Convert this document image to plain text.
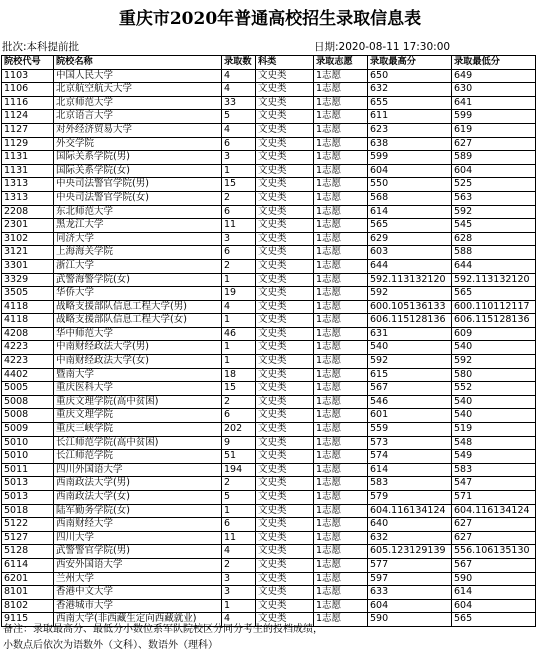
重庆市2020年普通高校招生录取信息表
批次:本科提前批	日期:2020-08-11 17:30:00
院校代号	院校名称	录取数	科类	录取志愿	录取最高分	录取最低分
1103	中国人民大学	4	文史类	1志愿	650	649
1106	北京航空航天大学	4	文史类	1志愿	632	630
1116	北京师范大学	33	文史类	1志愿	655	641
1124	北京语言大学	5	文史类	1志愿	611	599
1127	对外经济贸易大学	4	文史类	1志愿	623	619
1129	外交学院	6	文史类	1志愿	638	627
1131	国际关系学院(男)	3	文史类	1志愿	599	589
1131	国际关系学院(女)	1	文史类	1志愿	604	604
1313	中央司法警官学院(男)	15	文史类	1志愿	550	525
1313	中央司法警官学院(女)	2	文史类	1志愿	568	563
2208	东北师范大学	6	文史类	1志愿	614	592
2301	黑龙江大学	11	文史类	1志愿	565	545
3102	同济大学	3	文史类	1志愿	629	628
3121	上海海关学院	6	文史类	1志愿	603	588
3301	浙江大学	2	文史类	1志愿	644	644
3329	武警海警学院(女)	1	文史类	1志愿	592.113132120	592.113132120
3505	华侨大学	19	文史类	1志愿	592	565
4118	战略支援部队信息工程大学(男)	4	文史类	1志愿	600.105136133	600.110112117
4118	战略支援部队信息工程大学(女)	1	文史类	1志愿	606.115128136	606.115128136
4208	华中师范大学	46	文史类	1志愿	631	609
4223	中南财经政法大学(男)	1	文史类	1志愿	540	540
4223	中南财经政法大学(女)	1	文史类	1志愿	592	592
4402	暨南大学	18	文史类	1志愿	615	580
5005	重庆医科大学	15	文史类	1志愿	567	552
5008	重庆文理学院(高中贫困)	2	文史类	1志愿	546	540
5008	重庆文理学院	6	文史类	1志愿	601	540
5009	重庆三峡学院	202	文史类	1志愿	559	519
5010	长江师范学院(高中贫困)	9	文史类	1志愿	573	548
5010	长江师范学院	51	文史类	1志愿	574	549
5011	四川外国语大学	194	文史类	1志愿	614	583
5013	西南政法大学(男)	2	文史类	1志愿	583	547
5013	西南政法大学(女)	5	文史类	1志愿	579	571
5018	陆军勤务学院(女)	1	文史类	1志愿	604.116134124	604.116134124
5122	西南财经大学	6	文史类	1志愿	640	627
5127	四川大学	11	文史类	1志愿	632	627
5128	武警警官学院(男)	4	文史类	1志愿	605.123129139	556.106135130
6114	西安外国语大学	2	文史类	1志愿	577	567
6201	兰州大学	3	文史类	1志愿	597	590
8101	香港中文大学	3	文史类	1志愿	633	614
8102	香港城市大学	1	文史类	1志愿	604	604
9115	西南大学(非西藏生定向西藏就业)	4	文史类	1志愿	590	565
备注：录取最高分、最低分小数位系军队院校区分同分考生的投档成绩，
小数点后依次为语数外（文科）、数语外（理科）
